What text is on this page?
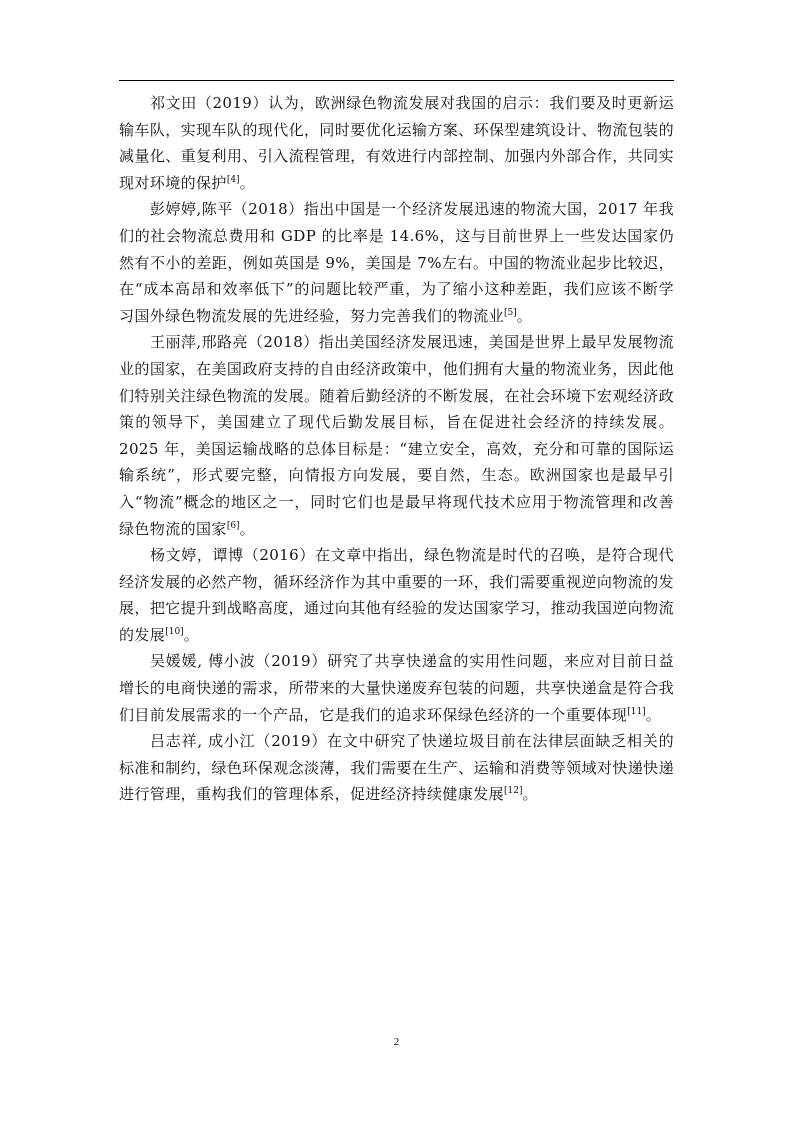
祁文田（2019）认为，欧洲绿色物流发展对我国的启示：我们要及时更新运输车队，实现车队的现代化，同时要优化运输方案、环保型建筑设计、物流包装的减量化、重复利用、引入流程管理，有效进行内部控制、加强内外部合作，共同实现对环境的保护[4]。

彭婷婷,陈平（2018）指出中国是一个经济发展迅速的物流大国，2017 年我们的社会物流总费用和 GDP 的比率是 14.6%，这与目前世界上一些发达国家仍然有不小的差距，例如英国是 9%，美国是 7%左右。中国的物流业起步比较迟，在“成本高昂和效率低下”的问题比较严重，为了缩小这种差距，我们应该不断学习国外绿色物流发展的先进经验，努力完善我们的物流业[5]。

王丽萍,邢路亮（2018）指出美国经济发展迅速，美国是世界上最早发展物流业的国家，在美国政府支持的自由经济政策中，他们拥有大量的物流业务，因此他们特别关注绿色物流的发展。随着后勤经济的不断发展，在社会环境下宏观经济政策的领导下，美国建立了现代后勤发展目标，旨在促进社会经济的持续发展。2025 年，美国运输战略的总体目标是：“建立安全，高效，充分和可靠的国际运输系统”，形式要完整，向情报方向发展，要自然，生态。欧洲国家也是最早引入“物流”概念的地区之一，同时它们也是最早将现代技术应用于物流管理和改善绿色物流的国家[6]。

杨文婷，谭博（2016）在文章中指出，绿色物流是时代的召唤，是符合现代经济发展的必然产物，循环经济作为其中重要的一环，我们需要重视逆向物流的发展，把它提升到战略高度，通过向其他有经验的发达国家学习，推动我国逆向物流的发展[10]。

吴媛媛, 傅小波（2019）研究了共享快递盒的实用性问题，来应对目前日益增长的电商快递的需求，所带来的大量快递废弃包装的问题，共享快递盒是符合我们目前发展需求的一个产品，它是我们的追求环保绿色经济的一个重要体现[11]。

吕志祥, 成小江（2019）在文中研究了快递垃圾目前在法律层面缺乏相关的标准和制约，绿色环保观念淡薄，我们需要在生产、运输和消费等领域对快递快递进行管理，重构我们的管理体系，促进经济持续健康发展[12]。

2
